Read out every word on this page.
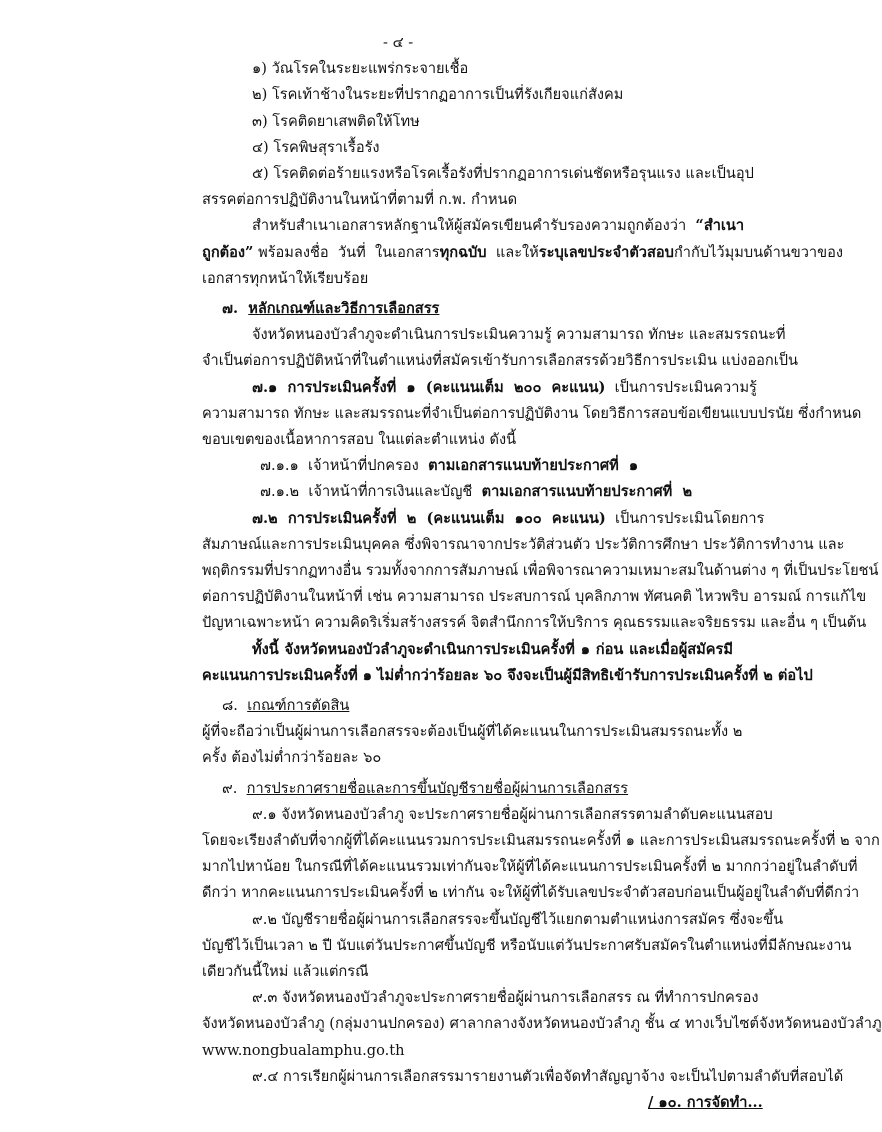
- ๔ -
๑) วัณโรคในระยะแพร่กระจายเชื้อ
๒) โรคเท้าช้างในระยะที่ปรากฏอาการเป็นที่รังเกียจแก่สังคม
๓) โรคติดยาเสพติดให้โทษ
๔) โรคพิษสุราเรื้อรัง
๕) โรคติดต่อร้ายแรงหรือโรคเรื้อรังที่ปรากฏอาการเด่นชัดหรือรุนแรง และเป็นอุป
สรรคต่อการปฏิบัติงานในหน้าที่ตามที่ ก.พ. กำหนด
สำหรับสำเนาเอกสารหลักฐานให้ผู้สมัครเขียนคำรับรองความถูกต้องว่า  “สำเนา
ถูกต้อง” พร้อมลงชื่อ  วันที่  ในเอกสารทุกฉบับ  และให้ระบุเลขประจำตัวสอบกำกับไว้มุมบนด้านขวาของ
เอกสารทุกหน้าให้เรียบร้อย
๗. หลักเกณฑ์และวิธีการเลือกสรร
จังหวัดหนองบัวลำภูจะดำเนินการประเมินความรู้ ความสามารถ ทักษะ และสมรรถนะที่
จำเป็นต่อการปฏิบัติหน้าที่ในตำแหน่งที่สมัครเข้ารับการเลือกสรรด้วยวิธีการประเมิน แบ่งออกเป็น
๗.๑  การประเมินครั้งที่  ๑  (คะแนนเต็ม  ๒๐๐  คะแนน)  เป็นการประเมินความรู้
ความสามารถ ทักษะ และสมรรถนะที่จำเป็นต่อการปฏิบัติงาน โดยวิธีการสอบข้อเขียนแบบปรนัย ซึ่งกำหนด
ขอบเขตของเนื้อหาการสอบ ในแต่ละตำแหน่ง ดังนี้
๗.๑.๑  เจ้าหน้าที่ปกครอง  ตามเอกสารแนบท้ายประกาศที่  ๑
๗.๑.๒  เจ้าหน้าที่การเงินและบัญชี  ตามเอกสารแนบท้ายประกาศที่  ๒
๗.๒  การประเมินครั้งที่  ๒  (คะแนนเต็ม  ๑๐๐  คะแนน)  เป็นการประเมินโดยการ
สัมภาษณ์และการประเมินบุคคล ซึ่งพิจารณาจากประวัติส่วนตัว ประวัติการศึกษา ประวัติการทำงาน และ
พฤติกรรมที่ปรากฏทางอื่น รวมทั้งจากการสัมภาษณ์ เพื่อพิจารณาความเหมาะสมในด้านต่าง ๆ ที่เป็นประโยชน์
ต่อการปฏิบัติงานในหน้าที่ เช่น ความสามารถ ประสบการณ์ บุคลิกภาพ ทัศนคติ ไหวพริบ อารมณ์ การแก้ไข
ปัญหาเฉพาะหน้า ความคิดริเริ่มสร้างสรรค์ จิตสำนึกการให้บริการ คุณธรรมและจริยธรรม และอื่น ๆ เป็นต้น
ทั้งนี้ จังหวัดหนองบัวลำภูจะดำเนินการประเมินครั้งที่ ๑ ก่อน และเมื่อผู้สมัครมี
คะแนนการประเมินครั้งที่ ๑ ไม่ต่ำกว่าร้อยละ ๖๐ จึงจะเป็นผู้มีสิทธิเข้ารับการประเมินครั้งที่ ๒ ต่อไป
๘. เกณฑ์การตัดสิน
ผู้ที่จะถือว่าเป็นผู้ผ่านการเลือกสรรจะต้องเป็นผู้ที่ได้คะแนนในการประเมินสมรรถนะทั้ง ๒
ครั้ง ต้องไม่ต่ำกว่าร้อยละ ๖๐
๙. การประกาศรายชื่อและการขึ้นบัญชีรายชื่อผู้ผ่านการเลือกสรร
๙.๑ จังหวัดหนองบัวลำภู จะประกาศรายชื่อผู้ผ่านการเลือกสรรตามลำดับคะแนนสอบ
โดยจะเรียงลำดับที่จากผู้ที่ได้คะแนนรวมการประเมินสมรรถนะครั้งที่ ๑ และการประเมินสมรรถนะครั้งที่ ๒ จาก
มากไปหาน้อย ในกรณีที่ได้คะแนนรวมเท่ากันจะให้ผู้ที่ได้คะแนนการประเมินครั้งที่ ๒ มากกว่าอยู่ในลำดับที่
ดีกว่า หากคะแนนการประเมินครั้งที่ ๒ เท่ากัน จะให้ผู้ที่ได้รับเลขประจำตัวสอบก่อนเป็นผู้อยู่ในลำดับที่ดีกว่า
๙.๒ บัญชีรายชื่อผู้ผ่านการเลือกสรรจะขึ้นบัญชีไว้แยกตามตำแหน่งการสมัคร ซึ่งจะขึ้น
บัญชีไว้เป็นเวลา ๒ ปี นับแต่วันประกาศขึ้นบัญชี หรือนับแต่วันประกาศรับสมัครในตำแหน่งที่มีลักษณะงาน
เดียวกันนี้ใหม่ แล้วแต่กรณี
/ ๑๐. การจัดทำ...
๙.๓ จังหวัดหนองบัวลำภูจะประกาศรายชื่อผู้ผ่านการเลือกสรร ณ ที่ทำการปกครอง
จังหวัดหนองบัวลำภู (กลุ่มงานปกครอง) ศาลากลางจังหวัดหนองบัวลำภู ชั้น ๔ ทางเว็บไซต์จังหวัดหนองบัวลำภู
www.nongbualamphu.go.th
๙.๔ การเรียกผู้ผ่านการเลือกสรรมารายงานตัวเพื่อจัดทำสัญญาจ้าง จะเป็นไปตามลำดับที่สอบได้
